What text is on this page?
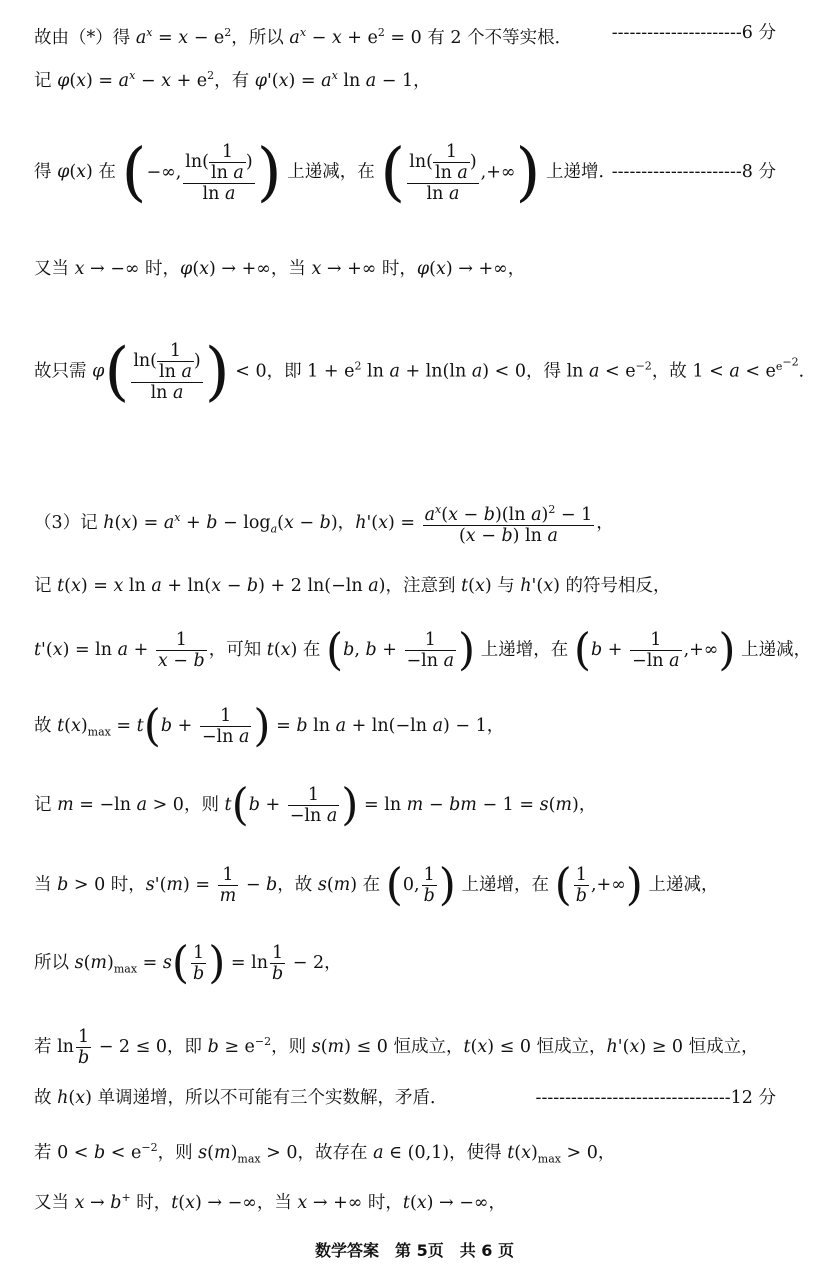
故由（*）得 $a^x = x - e^2$，所以 $a^x - x + e^2 = 0$ 有 2 个不等实根． ----------------------6 分
记 $\varphi(x) = a^x - x + e^2$，有 $\varphi'(x) = a^x$ ln a − 1，
得 φ(x) 在 (−∞, $\frac{\ln( \frac{1}{\text{ln a}} )}{\text{ln a}}$ ) 上递减，在 ( $\frac{\ln( \frac{1}{\text{ln a}} )}{\text{ln a}}$ ,+∞) 上递增．
----------------------8 分
又当 x → −∞ 时，φ(x) → +∞，当 x → +∞ 时，φ(x) → +∞，
故只需 $\varphi( \frac{\ln( \frac{1}{\text{ln a}} )}{\text{ln a}}$ ) < 0，即 $1 + e^2$ ln a + ln(ln a) < 0，得 $\ln a < e^{-2}$，故 $1 < a < e^{e^{-2}}$．
（3）记 $h(x) = a^x + b - \log_a(x - b)$，$h'(x) = \frac{a^x(x - b)(\ln a)^2 - 1}{\text{(x − b) ln a}}$ ，
记 t(x) = x ln a + ln(x − b) + 2 ln(−ln a)，注意到 t(x) 与 h'(x) 的符号相反，
$t'(x) = \ln a + \frac{1}{x - b}$ ，可知 t(x) 在 (b, $b + \frac{1}{\text{−ln a}}$ ) 上递增，在 ($b + \frac{1}{\text{−ln a}}$ ,+∞) 上递减，
故 $t(x)_{max} = t(b + \frac{1}{\text{−ln a}}$ ) = b ln a + ln(−ln a) − 1，
记 m = −ln a > 0，则 $t(b + \frac{1}{\text{−ln a}}$ ) = ln m − bm − 1 = s(m)，
当 b > 0 时，$s'(m) = \frac{1}{m} - b$，故 s(m) 在 (0, $\frac{1}{b}$ ) 上递增，在 ( $\frac{1}{b}$ ,+∞) 上递减，
所以 $s(m)_{max} = s( \frac{1}{b}$ ) = $\ln \frac{1}{b} - 2$，
若 $\ln \frac{1}{b} - 2 \le 0$，即 $b \ge e^{-2}$，则 s(m) ≤ 0 恒成立，t(x) ≤ 0 恒成立，h'(x) ≥ 0 恒成立，
故 h(x) 单调递增，所以不可能有三个实数解，矛盾．	---------------------------------12 分
若 $0 < b < e^{-2}$，则 $s(m)_{max} > 0$，故存在 a ∈ (0,1)，使得 $t(x)_{max} > 0$，
又当 x → b+ 时，t(x) → −∞，当 x → +∞ 时，t(x) → −∞，
数学答案　第 5页　共 6 页
